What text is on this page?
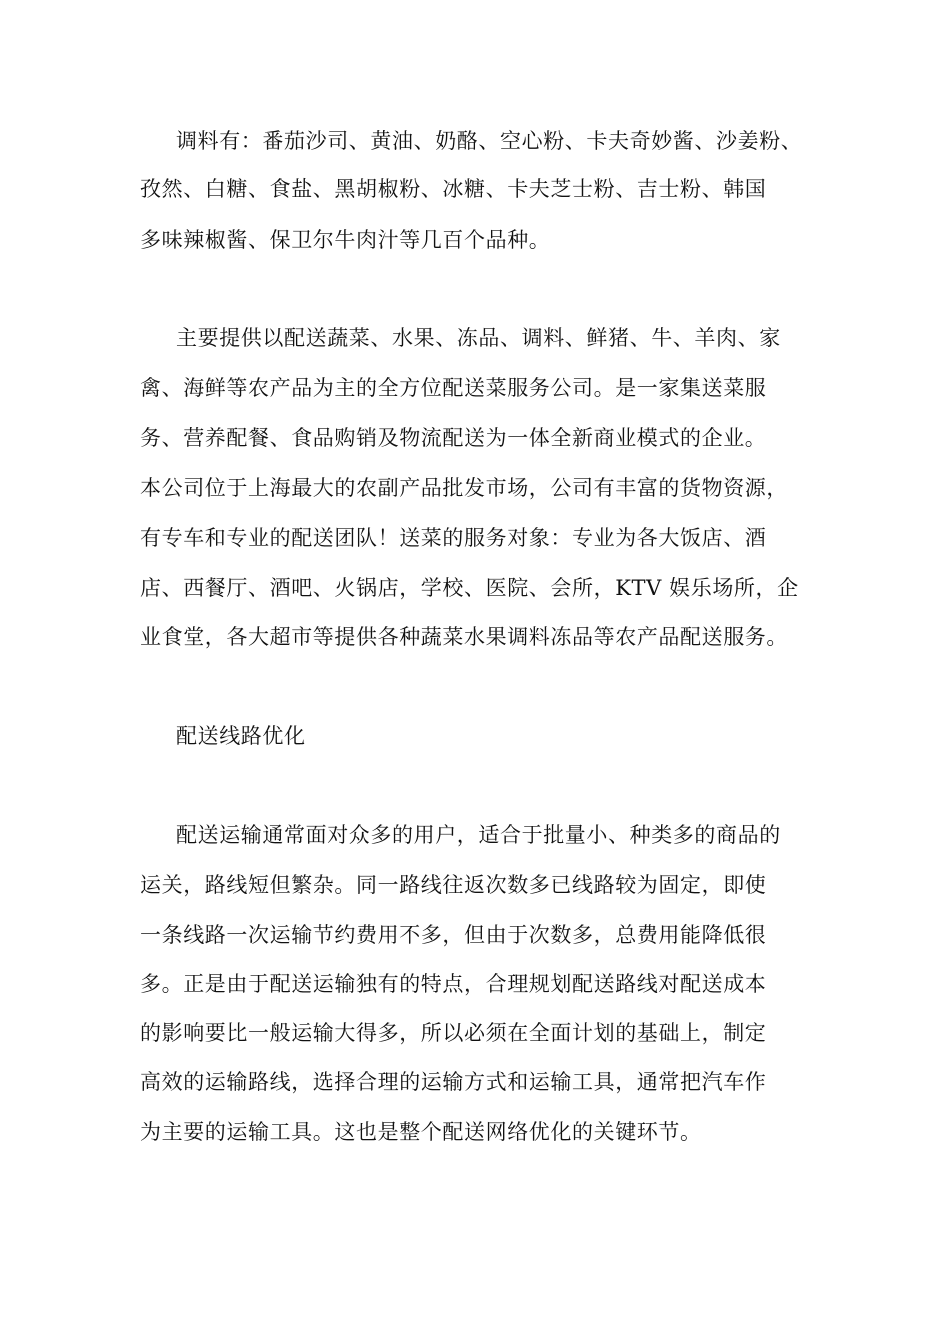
调料有：番茄沙司、黄油、奶酪、空心粉、卡夫奇妙酱、沙姜粉、
孜然、白糖、食盐、黑胡椒粉、冰糖、卡夫芝士粉、吉士粉、韩国
多味辣椒酱、保卫尔牛肉汁等几百个品种。
主要提供以配送蔬菜、水果、冻品、调料、鲜猪、牛、羊肉、家
禽、海鲜等农产品为主的全方位配送菜服务公司。是一家集送菜服
务、营养配餐、食品购销及物流配送为一体全新商业模式的企业。
本公司位于上海最大的农副产品批发市场，公司有丰富的货物资源，
有专车和专业的配送团队！送菜的服务对象：专业为各大饭店、酒
店、西餐厅、酒吧、火锅店，学校、医院、会所，KTV 娱乐场所，企
业食堂，各大超市等提供各种蔬菜水果调料冻品等农产品配送服务。
配送线路优化
配送运输通常面对众多的用户，适合于批量小、种类多的商品的
运关，路线短但繁杂。同一路线往返次数多已线路较为固定，即使
一条线路一次运输节约费用不多，但由于次数多，总费用能降低很
多。正是由于配送运输独有的特点，合理规划配送路线对配送成本
的影响要比一般运输大得多，所以必须在全面计划的基础上，制定
高效的运输路线，选择合理的运输方式和运输工具，通常把汽车作
为主要的运输工具。这也是整个配送网络优化的关键环节。
